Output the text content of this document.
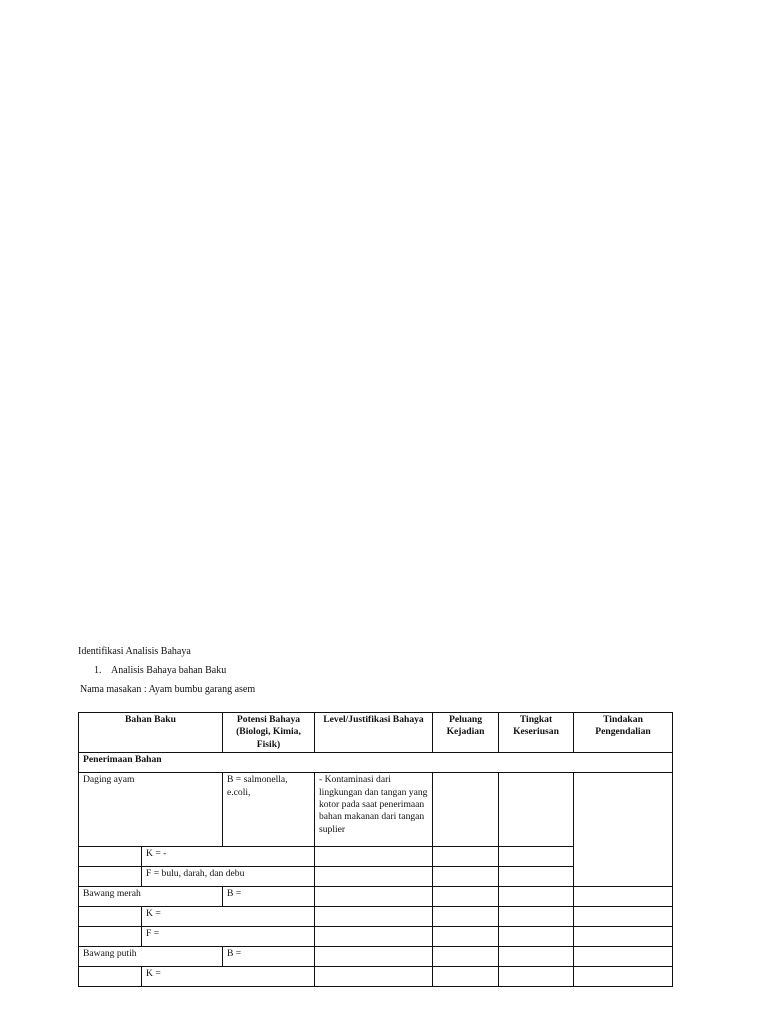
Identifikasi Analisis Bahaya
1. Analisis Bahaya bahan Baku
Nama masakan : Ayam bumbu garang asem
Bahan Baku		Potensi Bahaya (Biologi, Kimia, Fisik)	Level/Justifikasi Bahaya	Peluang Kejadian	Tingkat Keseriusan	Tindakan Pengendalian
Penerimaan Bahan						
Daging ayam		B = salmonella, e.coli,	- Kontaminasi dari lingkungan dan tangan yang kotor pada saat penerimaan bahan makanan dari tangan suplier			
	K = -					
	F = bulu, darah, dan debu					
Bawang merah		B =				
	K =					
	F =					
Bawang putih		B =				
	K =					
